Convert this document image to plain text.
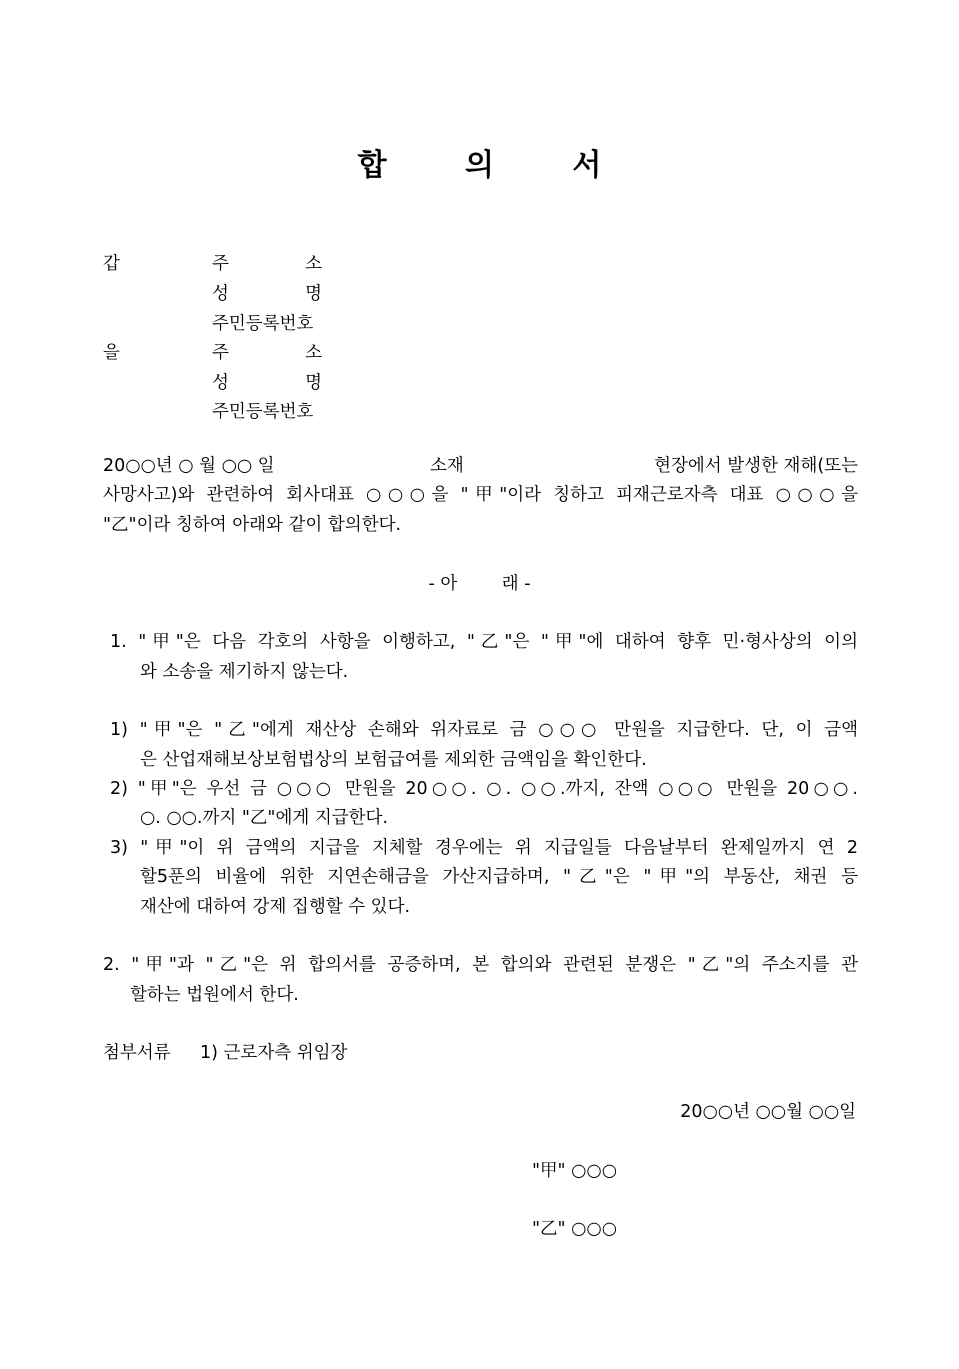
합 의 서
갑	주	소
성	명
주민등록번호
을	주	소
성	명
주민등록번호
20○○년 ○ 월 ○○ 일	소재	현장에서 발생한 재해(또는
사망사고)와 관련하여 회사대표 ○○○을 "甲"이라 칭하고 피재근로자측 대표 ○○○을
"乙"이라 칭하여 아래와 같이 합의한다.
- 아        래 -
1. "甲"은 다음 각호의 사항을 이행하고, "乙"은 "甲"에 대하여 향후 민·형사상의 이의
와 소송을 제기하지 않는다.
1) "甲"은 "乙"에게 재산상 손해와 위자료로 금 ○○○ 만원을 지급한다. 단, 이 금액
은 산업재해보상보험법상의 보험급여를 제외한 금액임을 확인한다.
2) "甲"은 우선 금 ○○○ 만원을 20○○. ○. ○○.까지, 잔액 ○○○ 만원을 20○○.
○. ○○.까지 "乙"에게 지급한다.
3) "甲"이 위 금액의 지급을 지체할 경우에는 위 지급일들 다음날부터 완제일까지 연 2
할5푼의 비율에 위한 지연손해금을 가산지급하며, "乙"은 "甲"의 부동산, 채권 등
재산에 대하여 강제 집행할 수 있다.
2. "甲"과 "乙"은 위 합의서를 공증하며, 본 합의와 관련된 분쟁은 "乙"의 주소지를 관
할하는 법원에서 한다.
첨부서류 1) 근로자측 위임장
20○○년 ○○월 ○○일
"甲" ○○○
"乙" ○○○
